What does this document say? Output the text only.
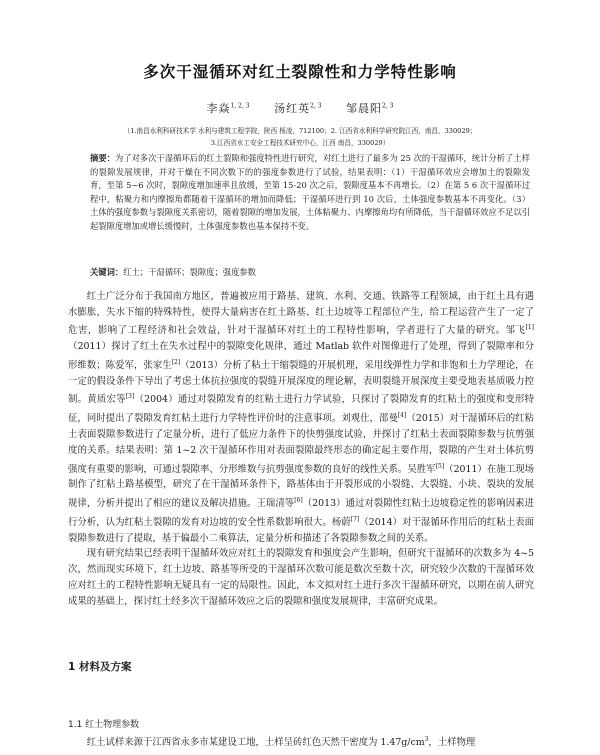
多次干湿循环对红土裂隙性和力学特性影响
李焱$^{1, 2, 3}$ 汤红英$^{2, 3}$ 邹晨阳$^{2, 3}$
（1.南昌水利科研技术学 水利与建筑工程学院，陕西 杨凌，712100；2. 江西省水利科学研究院江西，南昌，330029；
3.江西省水工安全工程技术研究中心，江西 南昌，330029）
摘要：为了对多次干湿循环后的红土裂隙和强度特性进行研究，对红土进行了最多为 25 次的干湿循环，统计分析了土样的裂隙发展规律，并对干燥在不同次数下的的强度参数进行了试验，结果表明：（1）干湿循环效应会增加土的裂隙发育，至第 5~6 次时，裂隙度增加速率且放缓，至第 15-20 次之后，裂隙度基本不再增长。（2）在第 5 6 次干湿循环过程中，粘聚力和内摩擦角都随着干湿循环的增加而降低；干湿循环进行到 10 次后，土体强度参数基本不再变化。（3）土体的强度参数与裂隙度关系密切，随着裂隙的增加发展，土体粘聚力、内摩擦角均有所降低，当干湿循环效应不足以引起裂隙度增加或增长缓慢时，土体强度参数也基本保持不变。
关键词：红土；干湿循环；裂隙度；强度参数

红土广泛分布于我国南方地区，普遍被应用于路基、建筑、水利、交通、铁路等工程领域，由于红土具有遇水膨胀，失水下缩的特殊特性，使得大量病害在红土路基、红土边坡等工程部位产生，给工程运营产生了一定了危害，影响了工程经济和社会效益，针对干湿循环对红土的工程特性影响，学者进行了大量的研究。邹飞[1]（2011）探讨了红土在失水过程中的裂隙变化规律，通过 Matlab 软件对图像进行了处理，得到了裂隙率和分形维数；陈爱军，张家生[2]（2013）分析了粘土干缩裂缝的开展机理，采用线弹性力学和非饱和土力学理论，在一定的假设条件下导出了考虑土体抗拉强度的裂缝开展深度的理论解，表明裂缝开展深度主要受地表基质吸力控制。黄质宏等[3]（2004）通过对裂隙发育的红粘土进行力学试验，只探讨了裂隙发育的红粘土的强度和变形特征，同时提出了裂隙发育红粘土进行力学特性评价时的注意事项。刘观仕，邵曼[4]（2015）对干湿循环后的红粘土表面裂隙参数进行了定量分析，进行了低应力条件下的快剪强度试验，并探讨了红粘土表面裂隙参数与抗剪强度的关系。结果表明：第 1~2 次干湿循环作用对表面裂隙最终形态的确定起主要作用，裂隙的产生对土体抗剪强度有重要的影响，可通过裂隙率、分形维数与抗剪强度参数的良好的线性关系。吴胜军[5]（2011）在施工现场制作了红粘土路基模型，研究了在干湿循环条件下，路基体由于开裂形成的小裂缝、大裂缝、小块、裂块的发展规律，分析并提出了相应的建议及解决措施。王瑞清等[6]（2013）通过对裂隙性红粘土边坡稳定性的影响因素进行分析，认为红粘土裂隙的发育对边坡的安全性系数影响很大。杨蔚[7]（2014）对干湿循环作用后的红粘土表面裂隙参数进行了提取，基于偏最小二乘算法，定量分析和描述了各裂隙参数之间的关系。

现有研究结果已经表明干湿循环效应对红土的裂隙发育和强度会产生影响，但研究干湿循环的次数多为 4~5 次，然而现实环境下，红土边坡、路基等所受的干湿循环次数可能是数次至数十次，研究较少次数的干湿循环效应对红土的工程特性影响无疑具有一定的局限性。因此，本文拟对红土进行多次干湿循环研究，以期在前人研究成果的基础上，探讨红土经多次干湿循环效应之后的裂隙和强度发展规律，丰富研究成果。

1 材料及方案
1.1 红土物理参数
红土试样来源于江西省永多市某建设工地，土样呈砖红色天然干密度为 $1.47g/cm^3$，土样物理
